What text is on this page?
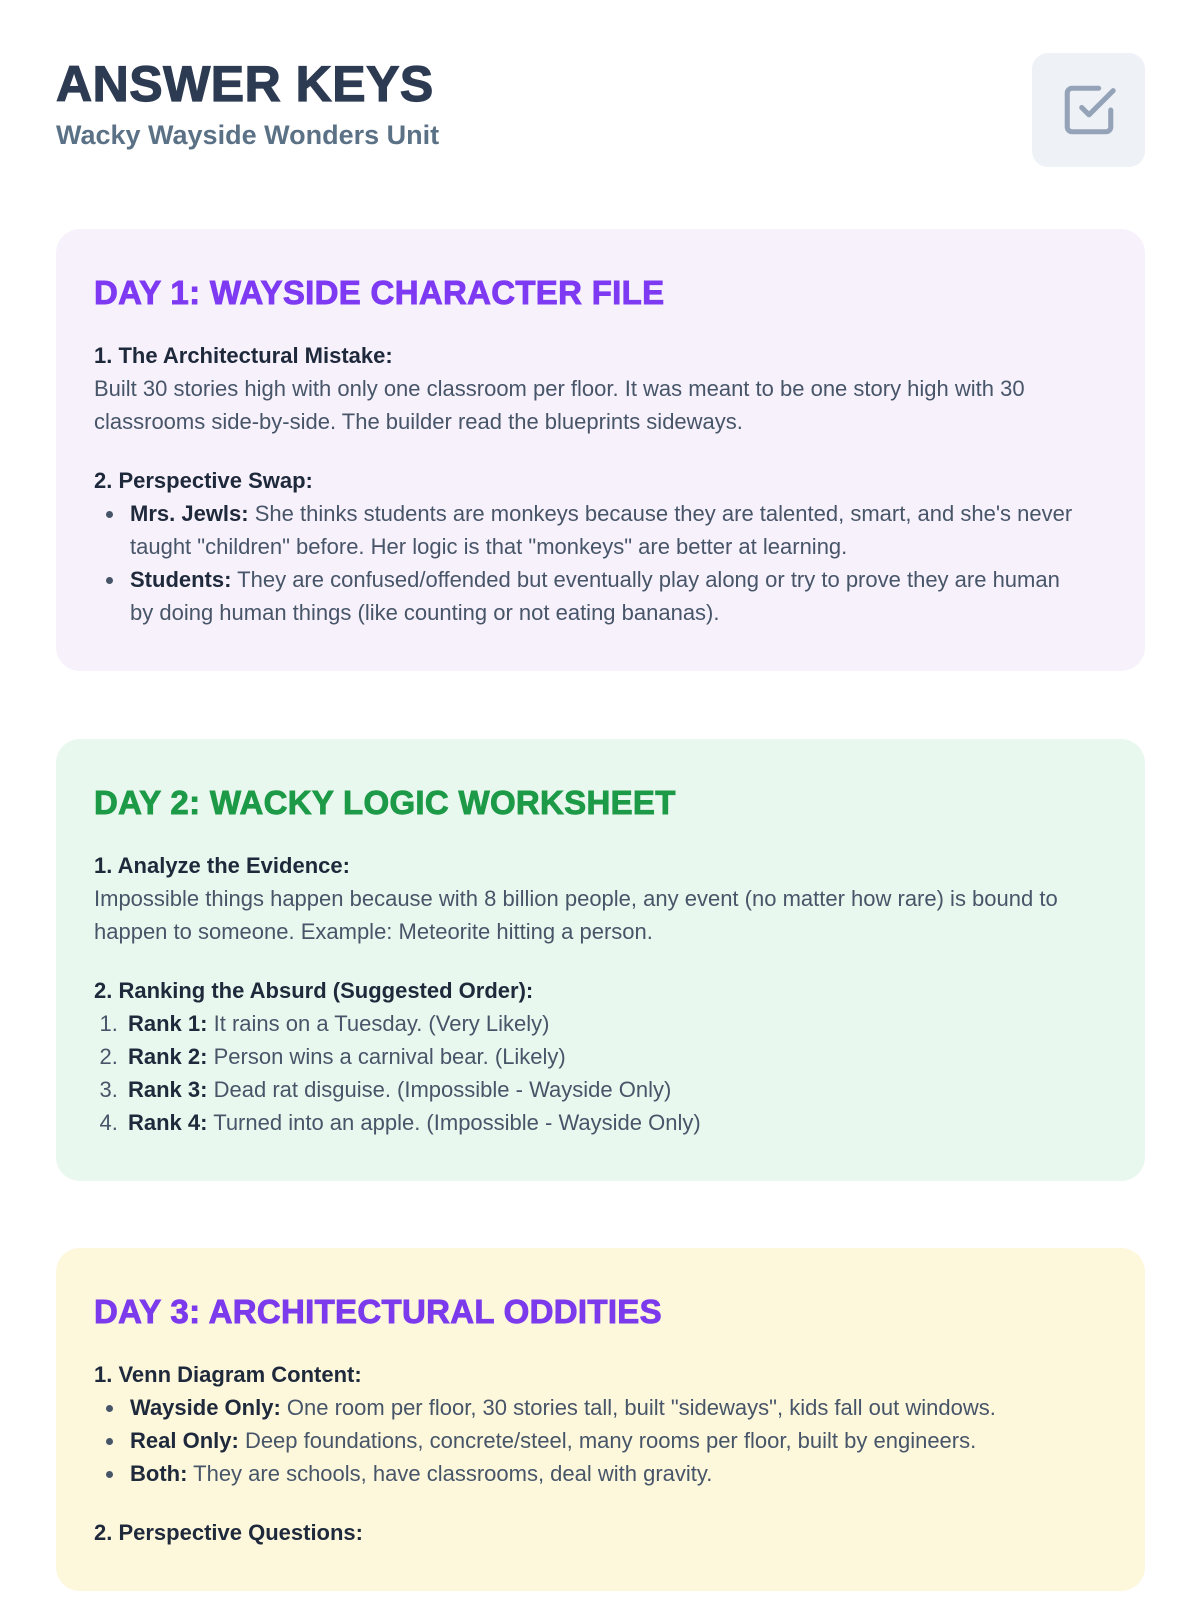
ANSWER KEYS
Wacky Wayside Wonders Unit
DAY 1: WAYSIDE CHARACTER FILE
1. The Architectural Mistake:

Built 30 stories high with only one classroom per floor. It was meant to be one story high with 30 classrooms side-by-side. The builder read the blueprints sideways.

2. Perspective Swap:
• Mrs. Jewls: She thinks students are monkeys because they are talented, smart, and she's never taught "children" before. Her logic is that "monkeys" are better at learning.
• Students: They are confused/offended but eventually play along or try to prove they are human by doing human things (like counting or not eating bananas).
DAY 2: WACKY LOGIC WORKSHEET
1. Analyze the Evidence:

Impossible things happen because with 8 billion people, any event (no matter how rare) is bound to happen to someone. Example: Meteorite hitting a person.

2. Ranking the Absurd (Suggested Order):
1. Rank 1: It rains on a Tuesday. (Very Likely)
2. Rank 2: Person wins a carnival bear. (Likely)
3. Rank 3: Dead rat disguise. (Impossible - Wayside Only)
4. Rank 4: Turned into an apple. (Impossible - Wayside Only)
DAY 3: ARCHITECTURAL ODDITIES
1. Venn Diagram Content:
• Wayside Only: One room per floor, 30 stories tall, built "sideways", kids fall out windows.
• Real Only: Deep foundations, concrete/steel, many rooms per floor, built by engineers.
• Both: They are schools, have classrooms, deal with gravity.
2. Perspective Questions:
